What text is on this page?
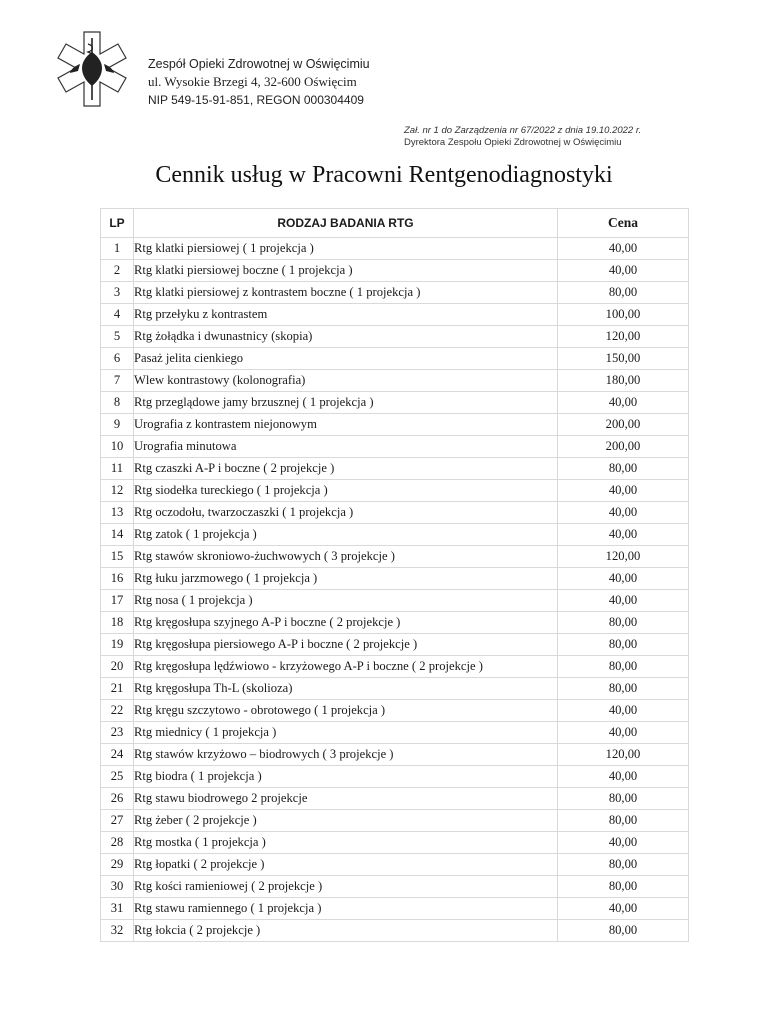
Zespół Opieki Zdrowotnej w Oświęcimiu
ul. Wysokie Brzegi 4, 32-600 Oświęcim
NIP 549-15-91-851, REGON 000304409
Zał. nr 1 do Zarządzenia nr 67/2022 z dnia 19.10.2022 r.
Dyrektora Zespołu Opieki Zdrowotnej w Oświęcimiu
Cennik usług w Pracowni Rentgenodiagnostyki
LP	RODZAJ BADANIA RTG	Cena
1	Rtg klatki piersiowej ( 1 projekcja )	40,00
2	Rtg klatki piersiowej boczne ( 1 projekcja )	40,00
3	Rtg klatki piersiowej z kontrastem boczne ( 1 projekcja )	80,00
4	Rtg przełyku z kontrastem	100,00
5	Rtg żołądka i dwunastnicy (skopia)	120,00
6	Pasaż jelita cienkiego	150,00
7	Wlew kontrastowy (kolonografia)	180,00
8	Rtg przeglądowe jamy brzusznej ( 1 projekcja )	40,00
9	Urografia z kontrastem niejonowym	200,00
10	Urografia minutowa	200,00
11	Rtg czaszki A-P i boczne ( 2 projekcje )	80,00
12	Rtg siodełka tureckiego ( 1 projekcja )	40,00
13	Rtg oczodołu, twarzoczaszki ( 1 projekcja )	40,00
14	Rtg zatok ( 1 projekcja )	40,00
15	Rtg stawów skroniowo-żuchwowych ( 3 projekcje )	120,00
16	Rtg łuku jarzmowego ( 1 projekcja )	40,00
17	Rtg nosa ( 1 projekcja )	40,00
18	Rtg kręgosłupa szyjnego A-P i boczne ( 2 projekcje )	80,00
19	Rtg kręgosłupa piersiowego A-P i boczne ( 2 projekcje )	80,00
20	Rtg kręgosłupa lędźwiowo - krzyżowego A-P i boczne ( 2 projekcje )	80,00
21	Rtg kręgosłupa Th-L (skolioza)	80,00
22	Rtg kręgu szczytowo - obrotowego ( 1 projekcja )	40,00
23	Rtg miednicy ( 1 projekcja )	40,00
24	Rtg stawów krzyżowo – biodrowych ( 3 projekcje )	120,00
25	Rtg biodra ( 1 projekcja )	40,00
26	Rtg stawu biodrowego 2 projekcje	80,00
27	Rtg żeber ( 2 projekcje )	80,00
28	Rtg mostka ( 1 projekcja )	40,00
29	Rtg łopatki ( 2 projekcje )	80,00
30	Rtg kości ramieniowej ( 2 projekcje )	80,00
31	Rtg stawu ramiennego ( 1 projekcja )	40,00
32	Rtg łokcia ( 2 projekcje )	80,00
